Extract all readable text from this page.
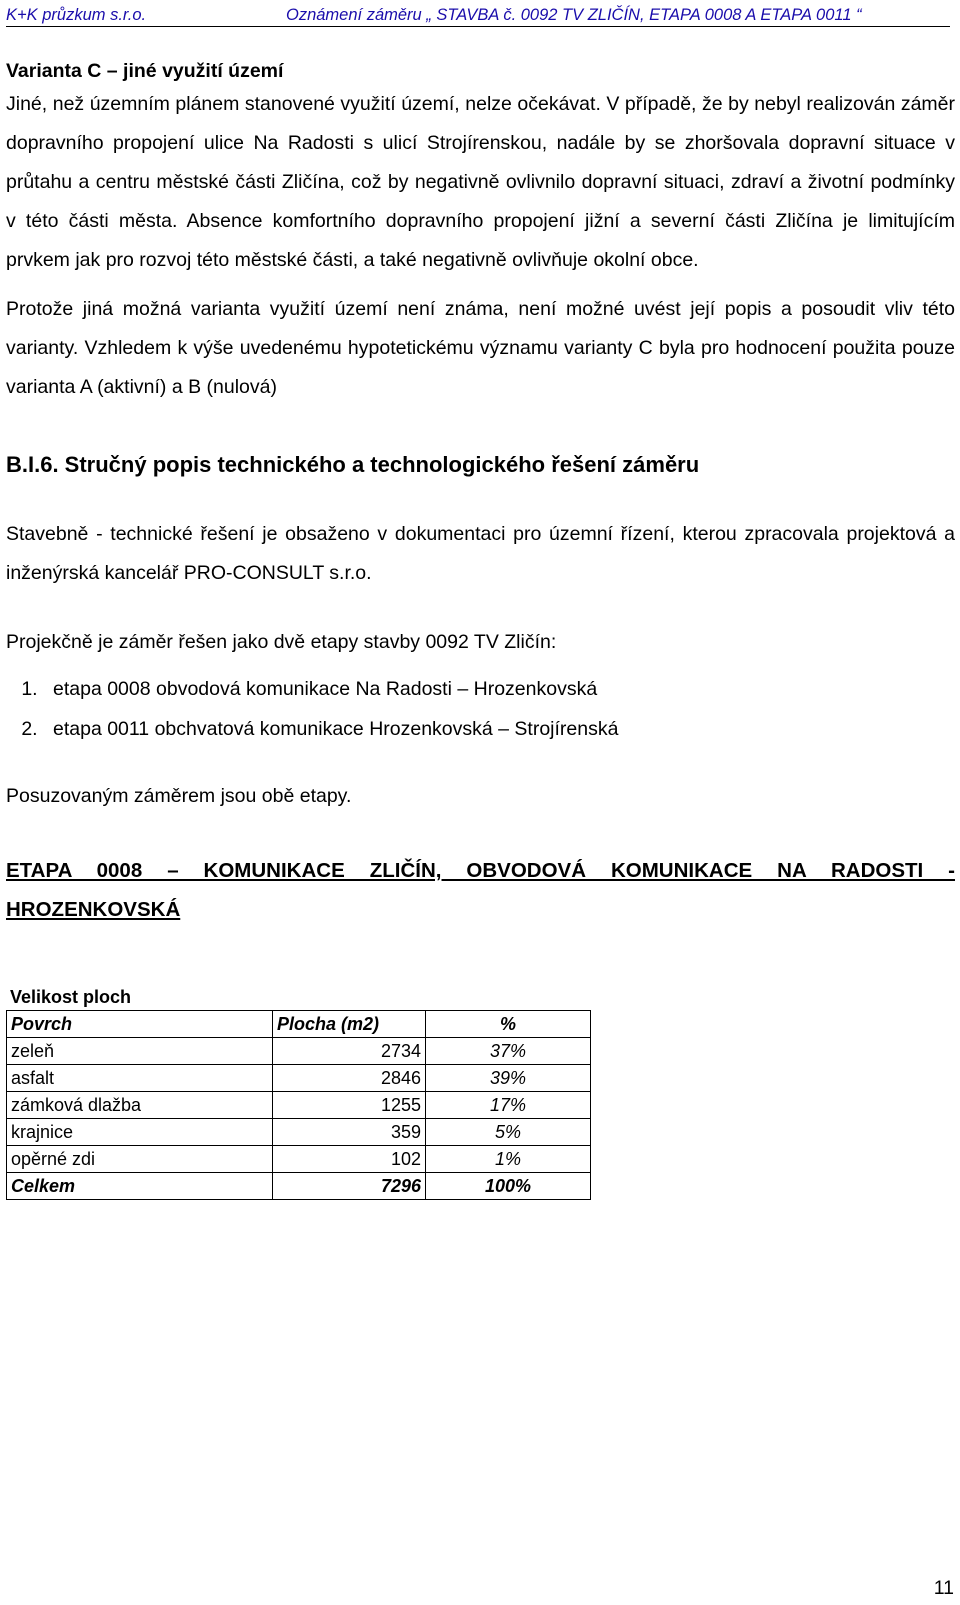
K+K průzkum s.r.o.	Oznámení záměru „ STAVBA č. 0092 TV ZLIČÍN, ETAPA 0008 A ETAPA 0011 “
Varianta C – jiné využití území

Jiné, než územním plánem stanovené využití území, nelze očekávat. V případě, že by nebyl realizován záměr dopravního propojení ulice Na Radosti s ulicí Strojírenskou, nadále by se zhoršovala dopravní situace v průtahu a centru městské části Zličína, což by negativně ovlivnilo dopravní situaci, zdraví a životní podmínky v této části města. Absence komfortního dopravního propojení jižní a severní části Zličína je limitujícím prvkem jak pro rozvoj této městské části, a také negativně ovlivňuje okolní obce.

Protože jiná možná varianta využití území není známa, není možné uvést její popis a posoudit vliv této varianty. Vzhledem k výše uvedenému hypotetickému významu varianty C byla pro hodnocení použita pouze varianta A (aktivní) a B (nulová)

B.I.6. Stručný popis technického a technologického řešení záměru

Stavebně - technické řešení je obsaženo v dokumentaci pro územní řízení, kterou zpracovala projektová a inženýrská kancelář PRO-CONSULT s.r.o.

Projekčně je záměr řešen jako dvě etapy stavby 0092 TV Zličín:

1. etapa 0008 obvodová komunikace Na Radosti – Hrozenkovská
2. etapa 0011 obchvatová komunikace Hrozenkovská – Strojírenská

Posuzovaným záměrem jsou obě etapy.

ETAPA 0008 – KOMUNIKACE ZLIČÍN, OBVODOVÁ KOMUNIKACE NA RADOSTI - HROZENKOVSKÁ
Velikost ploch
Povrch	Plocha (m2)	%
zeleň	2734	37%
asfalt	2846	39%
zámková dlažba	1255	17%
krajnice	359	5%
opěrné zdi	102	1%
Celkem	7296	100%
11
